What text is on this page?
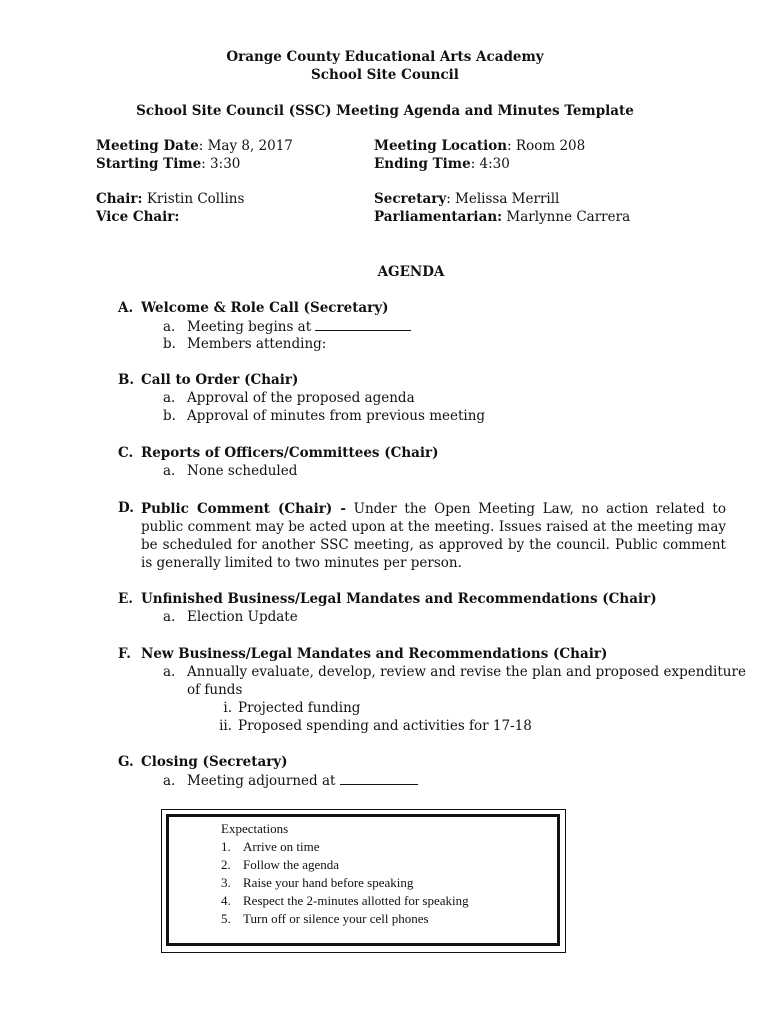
Orange County Educational Arts Academy
School Site Council
School Site Council (SSC) Meeting Agenda and Minutes Template
Meeting Date: May 8, 2017
Starting Time: 3:30
Chair: Kristin Collins
Vice Chair:
Meeting Location: Room 208
Ending Time: 4:30
Secretary: Melissa Merrill
Parliamentarian: Marlynne Carrera
AGENDA
A. Welcome & Role Call (Secretary)
a. Meeting begins at
b. Members attending:
B. Call to Order (Chair)
a. Approval of the proposed agenda
b. Approval of minutes from previous meeting
C. Reports of Officers/Committees (Chair)
a. None scheduled
D. Public Comment (Chair) - Under the Open Meeting Law, no action related to public comment may be acted upon at the meeting. Issues raised at the meeting may be scheduled for another SSC meeting, as approved by the council. Public comment is generally limited to two minutes per person.
E. Unfinished Business/Legal Mandates and Recommendations (Chair)
a. Election Update
F. New Business/Legal Mandates and Recommendations (Chair)
a. Annually evaluate, develop, review and revise the plan and proposed expenditure
of funds
i. Projected funding
ii. Proposed spending and activities for 17-18
G. Closing (Secretary)
a. Meeting adjourned at
Expectations
1. Arrive on time
2. Follow the agenda
3. Raise your hand before speaking
4. Respect the 2-minutes allotted for speaking
5. Turn off or silence your cell phones
